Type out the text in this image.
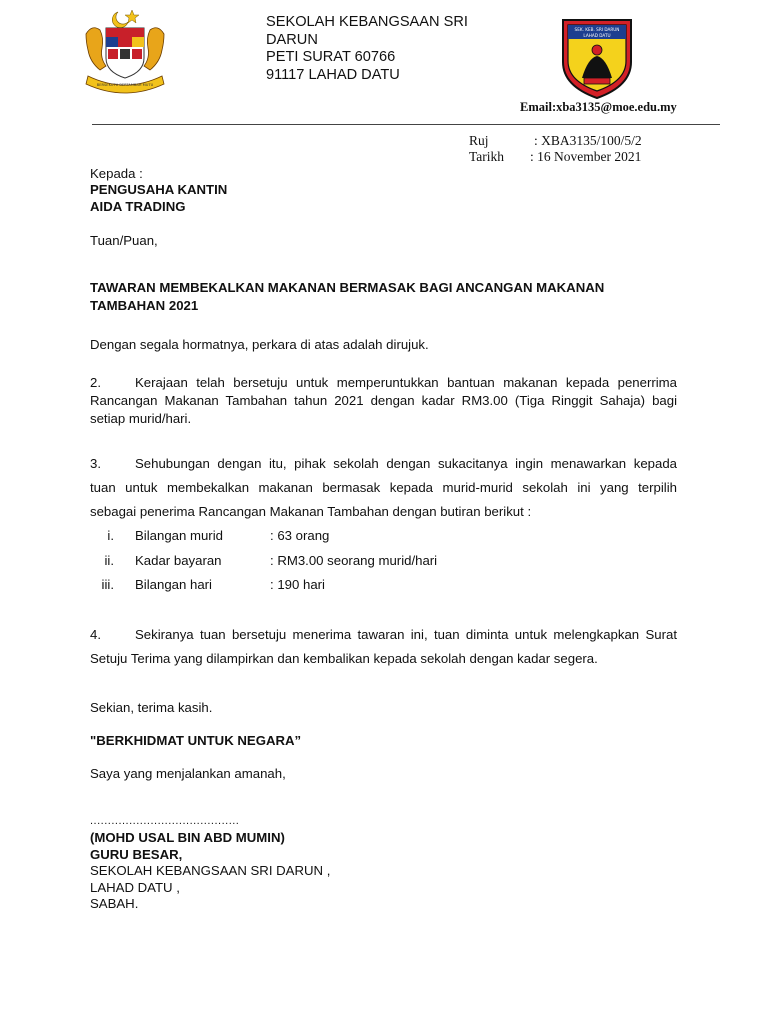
BERSEKUTU BERTAMBAH MUTU
SEKOLAH KEBANGSAAN SRI
DARUN
PETI SURAT 60766
91117 LAHAD DATU
SEK. KEB. SRI DARUN
LAHAD DATU
Email:xba3135@moe.edu.my
Ruj	: XBA3135/100/5/2
Tarikh : 16 November 2021
Kepada :
PENGUSAHA KANTIN
AIDA TRADING
Tuan/Puan,
TAWARAN MEMBEKALKAN MAKANAN BERMASAK BAGI ANCANGAN MAKANAN
TAMBAHAN 2021
Dengan segala hormatnya, perkara di atas adalah dirujuk.
2.	Kerajaan telah bersetuju untuk memperuntukkan bantuan makanan kepada penerrima
Rancangan Makanan Tambahan tahun 2021 dengan kadar RM3.00 (Tiga Ringgit Sahaja) bagi
setiap murid/hari.
3.	Sehubungan dengan itu, pihak sekolah dengan sukacitanya ingin menawarkan kepada
tuan untuk membekalkan makanan bermasak kepada murid-murid sekolah ini yang terpilih
sebagai penerima Rancangan Makanan Tambahan dengan butiran berikut :
i. Bilangan murid	: 63 orang
ii. Kadar bayaran	: RM3.00 seorang murid/hari
iii. Bilangan hari	: 190 hari
4.	Sekiranya tuan bersetuju menerima tawaran ini, tuan diminta untuk melengkapkan Surat
Setuju Terima yang dilampirkan dan kembalikan kepada sekolah dengan kadar segera.
Sekian, terima kasih.
"BERKHIDMAT UNTUK NEGARA”
Saya yang menjalankan amanah,
..........................................
(MOHD USAL BIN ABD MUMIN)
GURU BESAR,
SEKOLAH KEBANGSAAN SRI DARUN ,
LAHAD DATU ,
SABAH.
